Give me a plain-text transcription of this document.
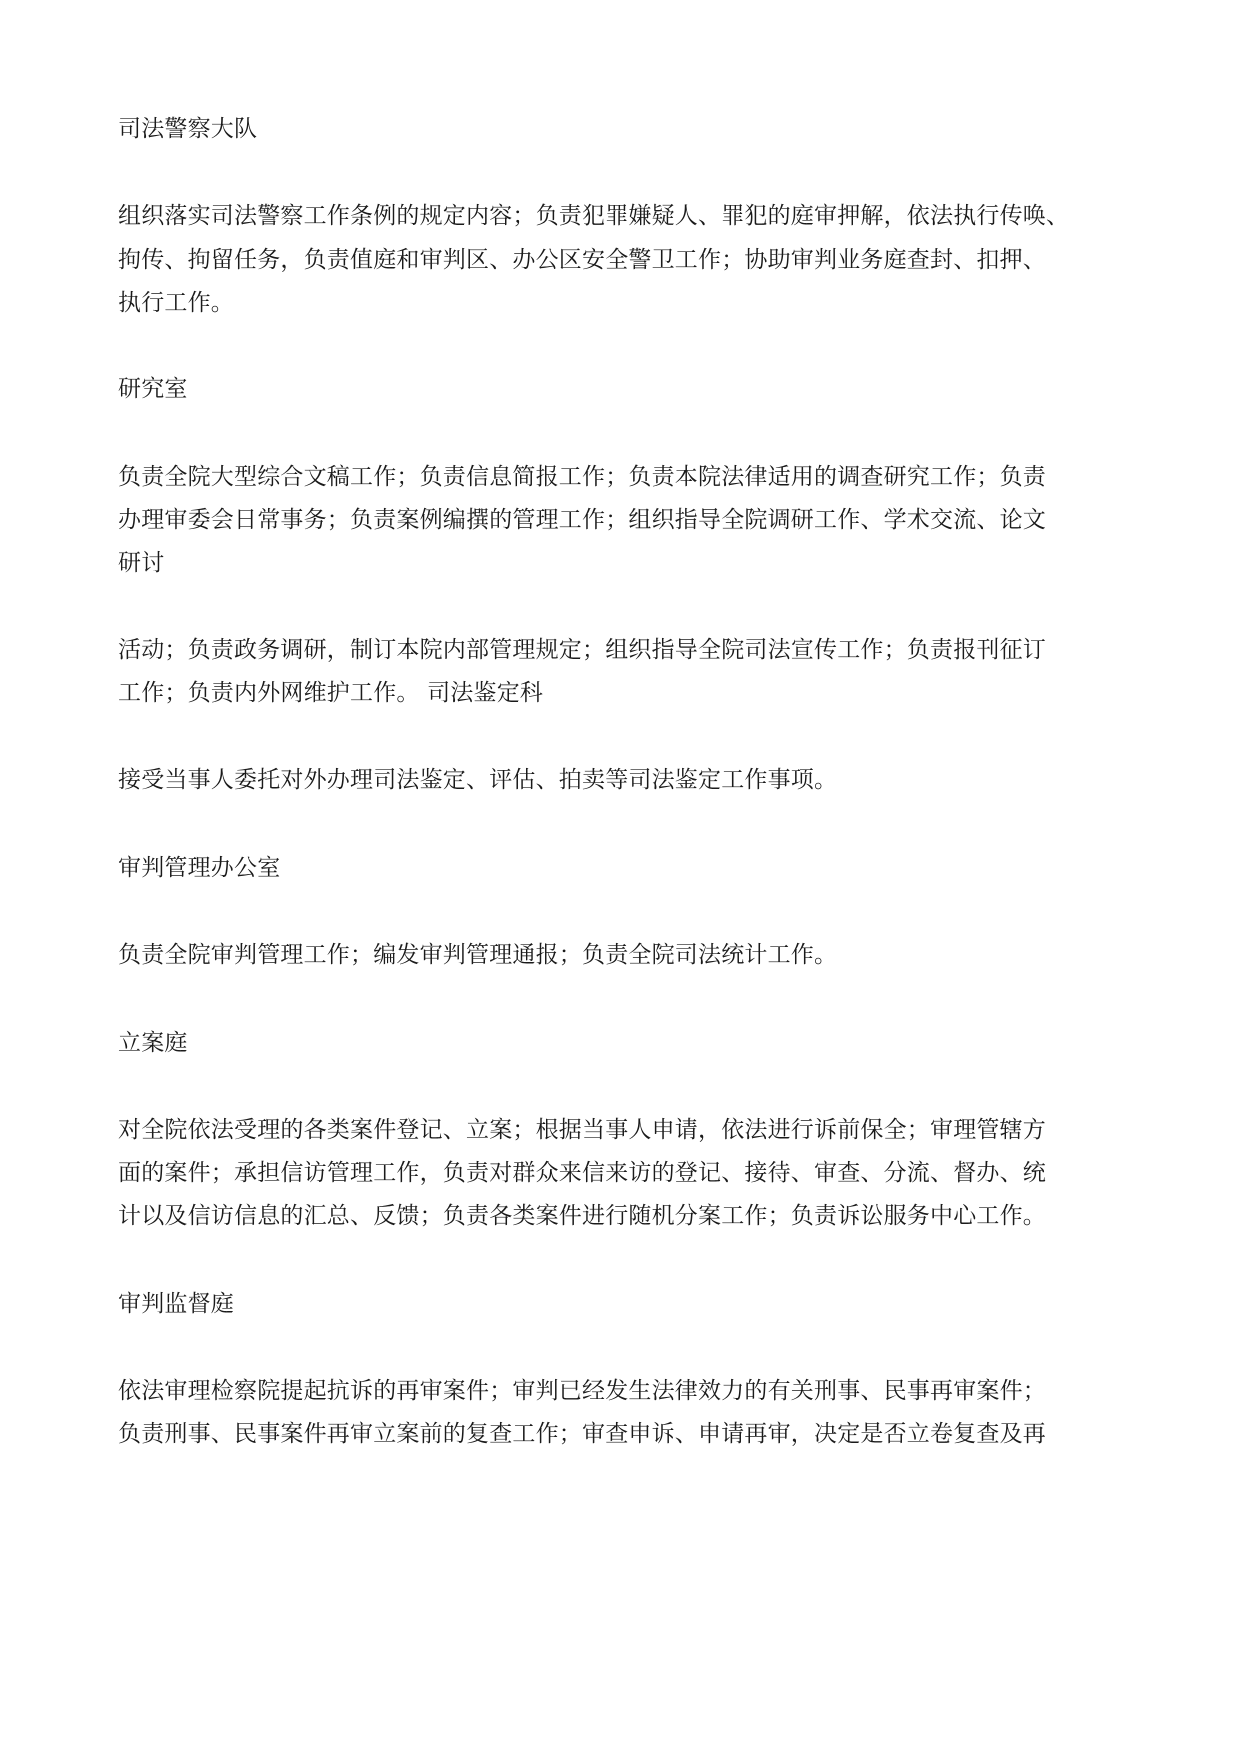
司法警察大队
组织落实司法警察工作条例的规定内容；负责犯罪嫌疑人、罪犯的庭审押解，依法执行传唤、
拘传、拘留任务，负责值庭和审判区、办公区安全警卫工作；协助审判业务庭查封、扣押、
执行工作。
研究室
负责全院大型综合文稿工作；负责信息简报工作；负责本院法律适用的调查研究工作；负责
办理审委会日常事务；负责案例编撰的管理工作；组织指导全院调研工作、学术交流、论文
研讨
活动；负责政务调研，制订本院内部管理规定；组织指导全院司法宣传工作；负责报刊征订
工作；负责内外网维护工作。 司法鉴定科
接受当事人委托对外办理司法鉴定、评估、拍卖等司法鉴定工作事项。
审判管理办公室
负责全院审判管理工作；编发审判管理通报；负责全院司法统计工作。
立案庭
对全院依法受理的各类案件登记、立案；根据当事人申请，依法进行诉前保全；审理管辖方
面的案件；承担信访管理工作，负责对群众来信来访的登记、接待、审查、分流、督办、统
计以及信访信息的汇总、反馈；负责各类案件进行随机分案工作；负责诉讼服务中心工作。
审判监督庭
依法审理检察院提起抗诉的再审案件；审判已经发生法律效力的有关刑事、民事再审案件；
负责刑事、民事案件再审立案前的复查工作；审查申诉、申请再审，决定是否立卷复查及再
